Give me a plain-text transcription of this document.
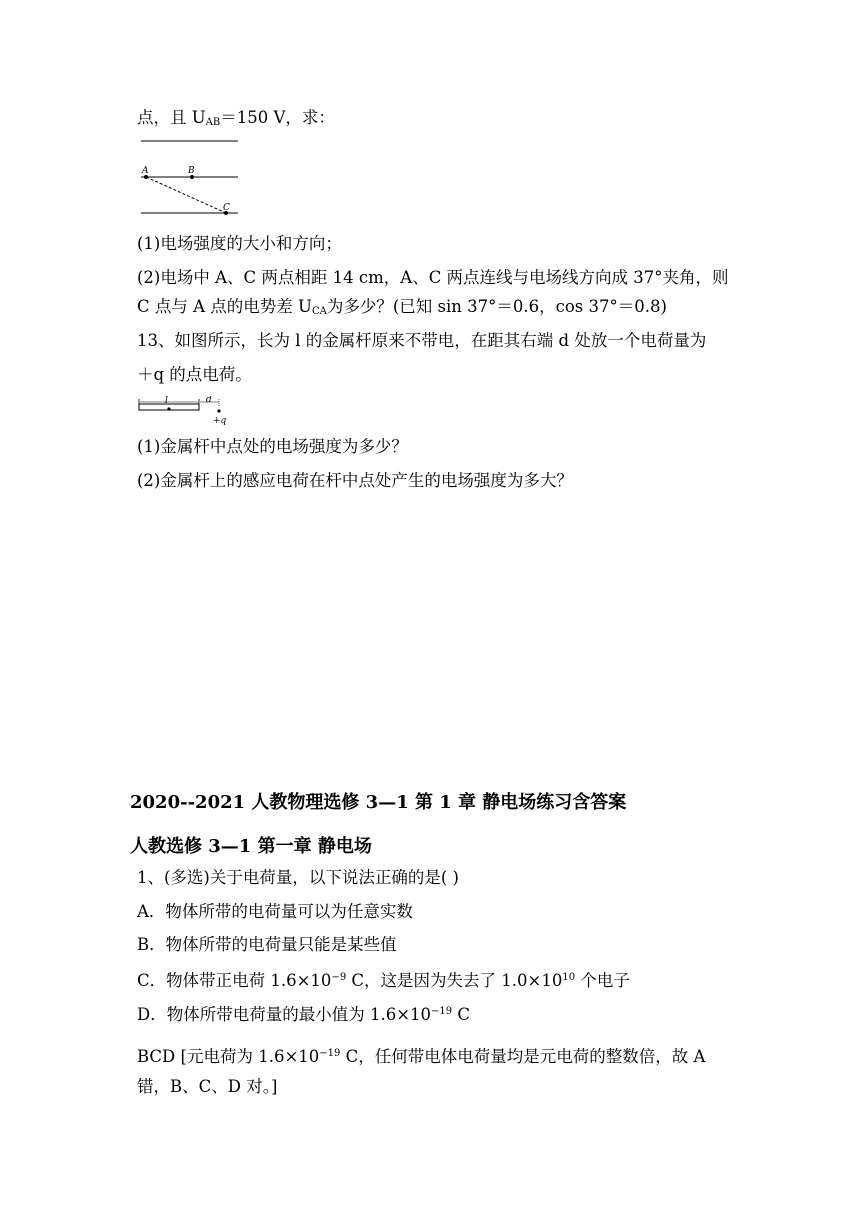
点，且 $U_{AB}=150$ V，求：
A	B
C
(1)电场强度的大小和方向；
(2)电场中 A、C 两点相距 14 cm，A、C 两点连线与电场线方向成 37°夹角，则
C 点与 A 点的电势差 $U_{CA}$为多少？(已知 sin 37°＝0.6，cos 37°＝0.8)
13、如图所示，长为 l 的金属杆原来不带电，在距其右端 d 处放一个电荷量为
＋q 的点电荷。
l	d
+q
(1)金属杆中点处的电场强度为多少？
(2)金属杆上的感应电荷在杆中点处产生的电场强度为多大？
2020--2021 人教物理选修 3—1 第 1 章 静电场练习含答案
人教选修 3—1 第一章 静电场
1、(多选)关于电荷量，以下说法正确的是( )
A．物体所带的电荷量可以为任意实数
B．物体所带的电荷量只能是某些值
C．物体带正电荷 $1.6\times 10^{-9}$ C，这是因为失去了 $1.0\times 10^{10}$ 个电子
D．物体所带电荷量的最小值为 $1.6\times 10^{-19}$ C
BCD [元电荷为 $1.6\times 10^{-19}$ C，任何带电体电荷量均是元电荷的整数倍，故 A
错，B、C、D 对。]
